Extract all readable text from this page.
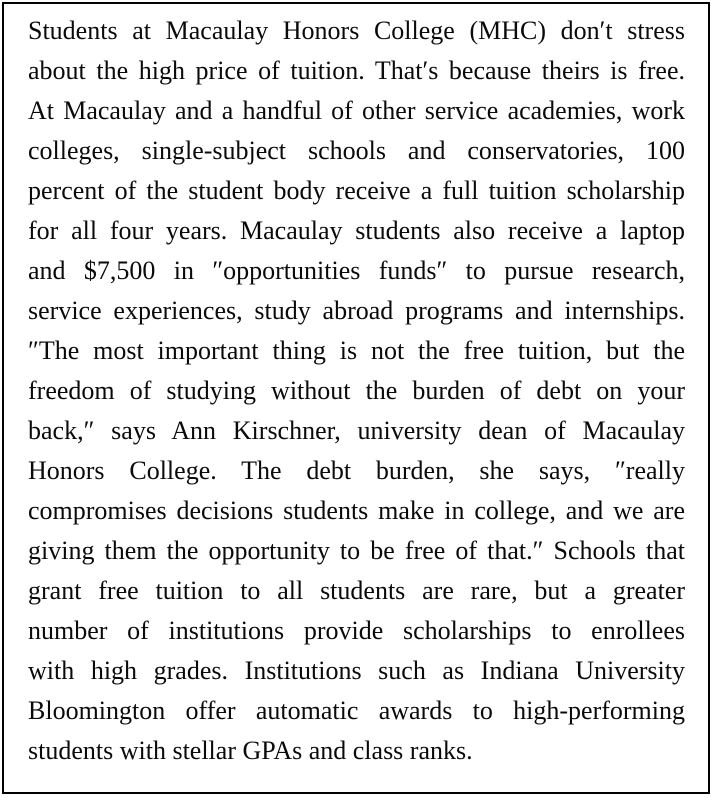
Students at Macaulay Honors College (MHC) don′t stress
about the high price of tuition. That′s because theirs is free.
At Macaulay and a handful of other service academies, work
colleges, single-subject schools and conservatories, 100
percent of the student body receive a full tuition scholarship
for all four years. Macaulay students also receive a laptop
and $7,500 in ″opportunities funds″ to pursue research,
service experiences, study abroad programs and internships.
″The most important thing is not the free tuition, but the
freedom of studying without the burden of debt on your
back,″ says Ann Kirschner, university dean of Macaulay
Honors College. The debt burden, she says, ″really
compromises decisions students make in college, and we are
giving them the opportunity to be free of that.″ Schools that
grant free tuition to all students are rare, but a greater
number of institutions provide scholarships to enrollees
with high grades. Institutions such as Indiana University
Bloomington offer automatic awards to high-performing
students with stellar GPAs and class ranks.
